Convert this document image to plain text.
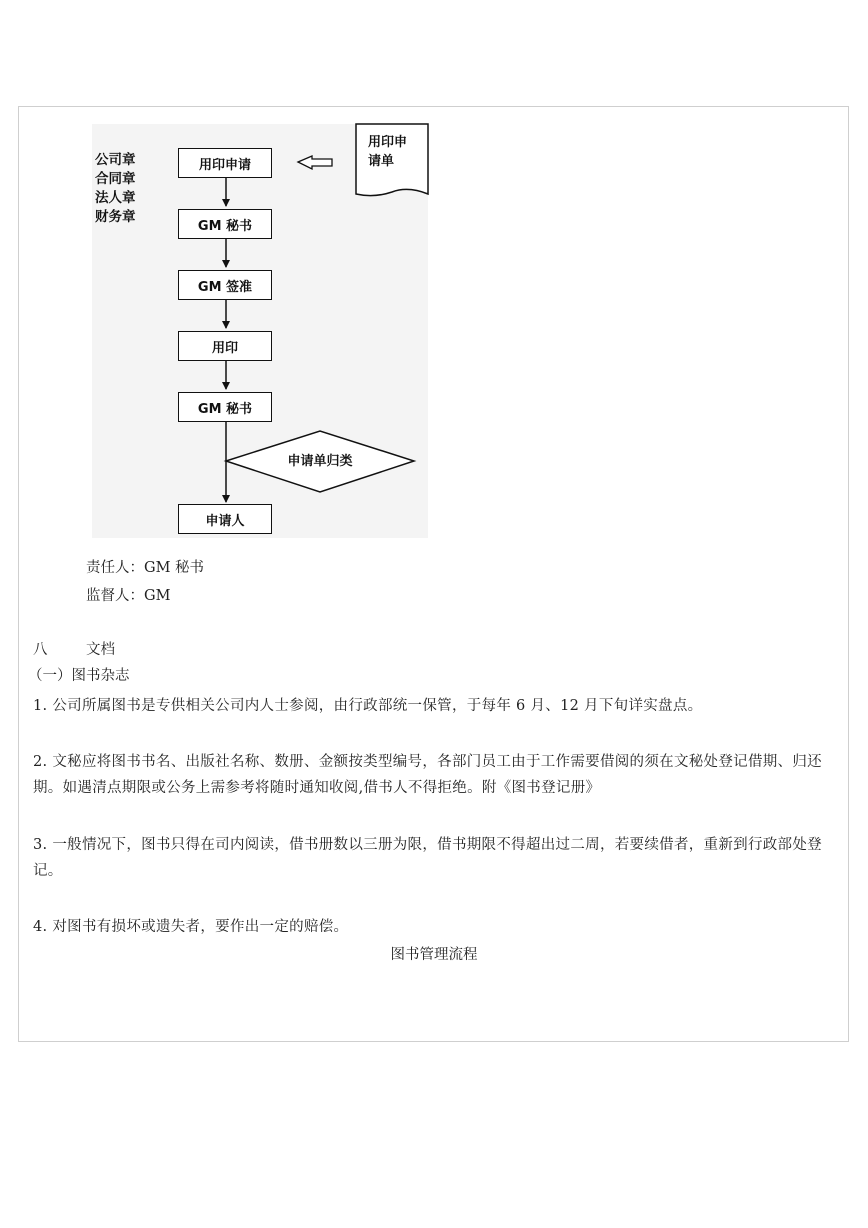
公司章
合同章
法人章
财务章
用印申请
GM 秘书
GM 签准
用印
GM 秘书
申请人
用印申
请单
申请单归类
责任人：GM 秘书
监督人：GM
八	文档
（一）图书杂志
1. 公司所属图书是专供相关公司内人士参阅，由行政部统一保管，于每年 6 月、12 月下旬详实盘点。
2. 文秘应将图书书名、出版社名称、数册、金额按类型编号，各部门员工由于工作需要借阅的须在文秘处登记借期、归还期。如遇清点期限或公务上需参考将随时通知收阅,借书人不得拒绝。附《图书登记册》
3. 一般情况下，图书只得在司内阅读，借书册数以三册为限，借书期限不得超出过二周，若要续借者，重新到行政部处登记。
4. 对图书有损坏或遗失者，要作出一定的赔偿。
图书管理流程
